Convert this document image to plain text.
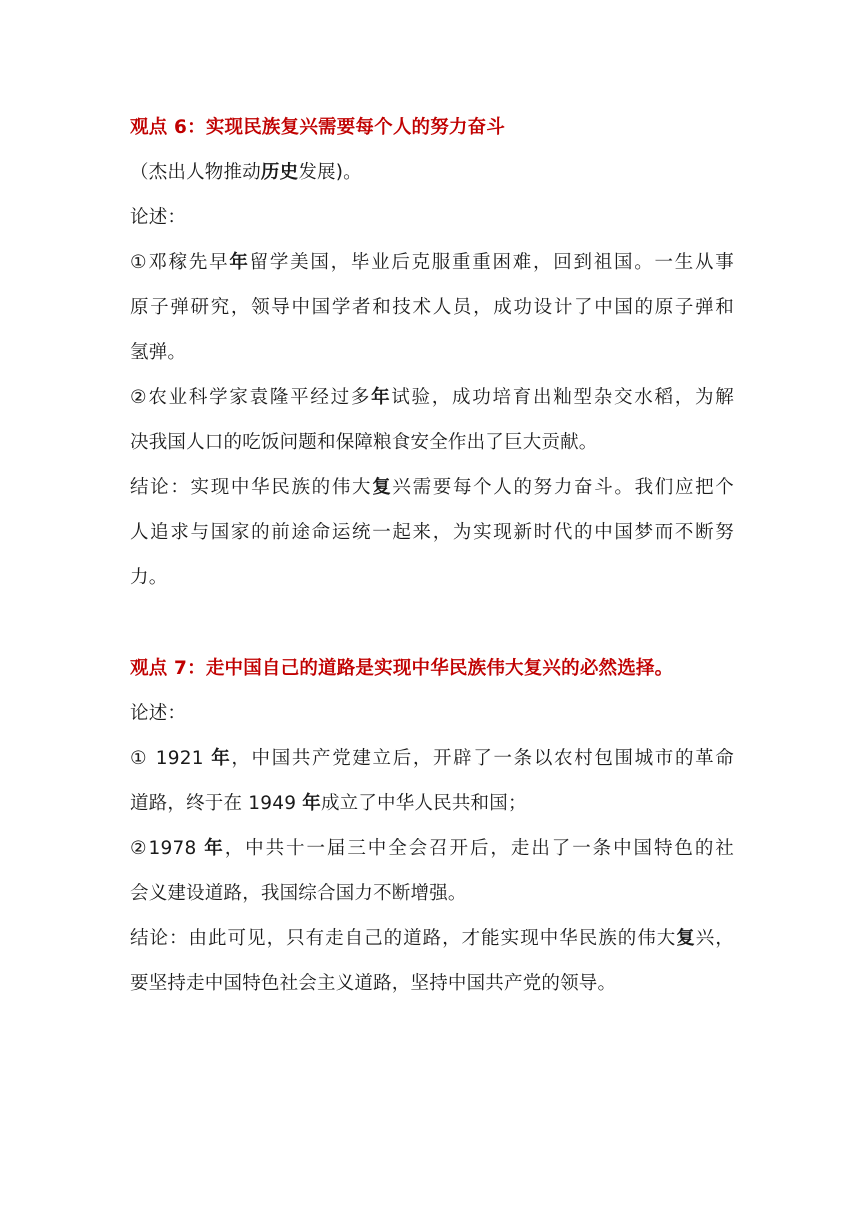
观点 6：实现民族复兴需要每个人的努力奋斗
（杰出人物推动历史发展)。
论述：
①邓稼先早年留学美国，毕业后克服重重困难，回到祖国。一生从事
原子弹研究，领导中国学者和技术人员，成功设计了中国的原子弹和
氢弹。
②农业科学家袁隆平经过多年试验，成功培育出籼型杂交水稻，为解
决我国人口的吃饭问题和保障粮食安全作出了巨大贡献。
结论：实现中华民族的伟大复兴需要每个人的努力奋斗。我们应把个
人追求与国家的前途命运统一起来，为实现新时代的中国梦而不断努
力。
观点 7：走中国自己的道路是实现中华民族伟大复兴的必然选择。
论述：
① 1921 年，中国共产党建立后，开辟了一条以农村包围城市的革命
道路，终于在 1949 年成立了中华人民共和国；
②1978 年，中共十一届三中全会召开后，走出了一条中国特色的社
会义建设道路，我国综合国力不断增强。
结论：由此可见，只有走自己的道路，才能实现中华民族的伟大复兴，
要坚持走中国特色社会主义道路，坚持中国共产党的领导。
